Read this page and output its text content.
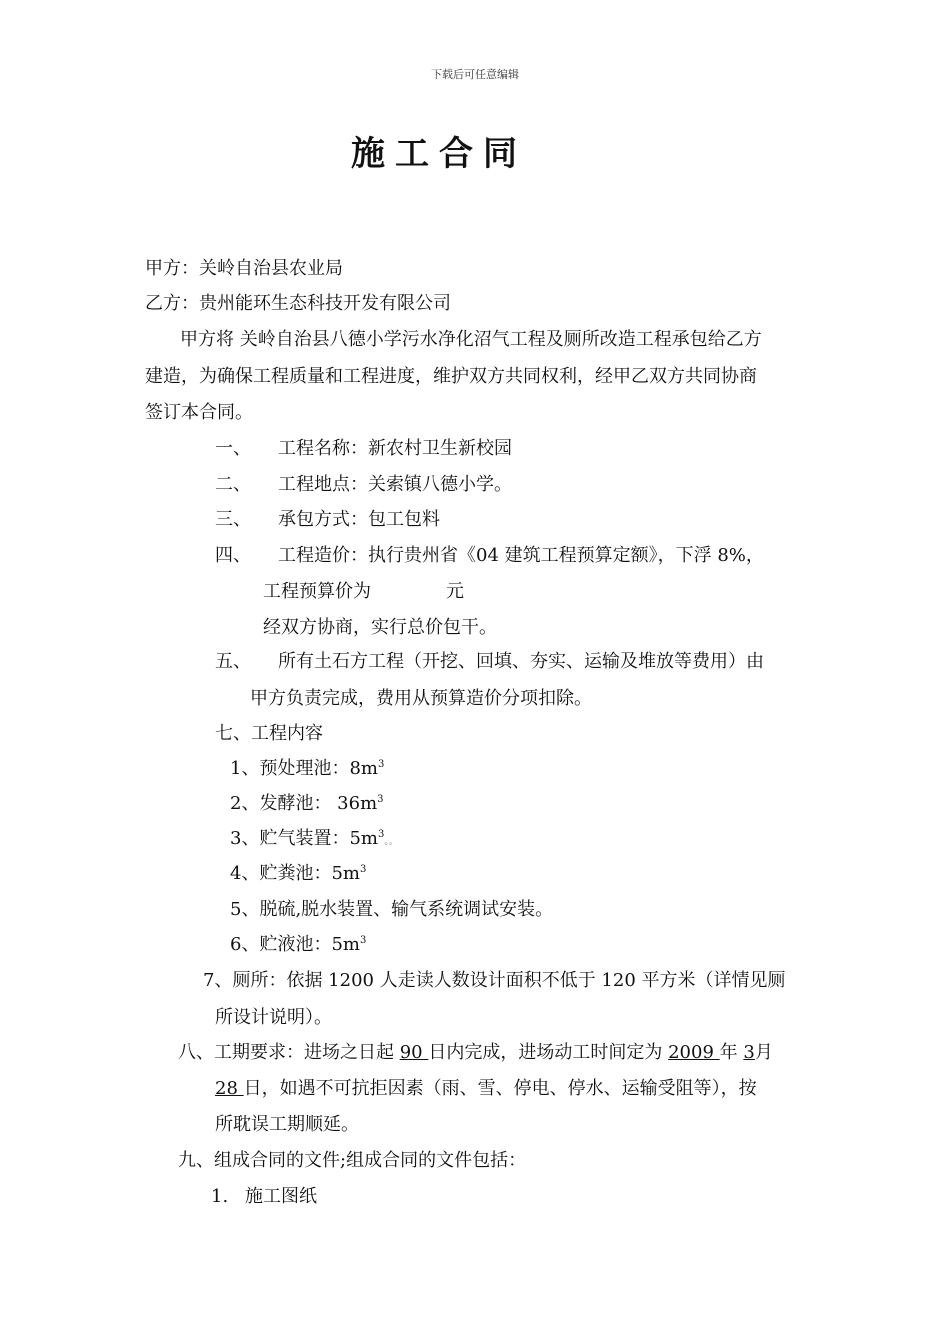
下载后可任意编辑
施工合同
甲方：关岭自治县农业局
乙方：贵州能环生态科技开发有限公司
甲方将 关岭自治县八德小学污水净化沼气工程及厕所改造工程承包给乙方
建造，为确保工程质量和工程进度，维护双方共同权利，经甲乙双方共同协商
签订本合同。
一、 工程名称：新农村卫生新校园
二、 工程地点：关索镇八德小学。
三、 承包方式：包工包料
四、 工程造价：执行贵州省《04 建筑工程预算定额》，下浮 8%，
工程预算价为	元
经双方协商，实行总价包干。
五、 所有土石方工程（开挖、回填、夯实、运输及堆放等费用）由
甲方负责完成，费用从预算造价分项扣除。
七、工程内容
1、预处理池：$8m^3$
2、发酵池： $36m^3$
3、贮气装置：$5m^3$。。
4、贮粪池：$5m^3$
5、脱硫,脱水装置、输气系统调试安装。
6、贮液池：$5m^3$
7、厕所：依据 1200 人走读人数设计面积不低于 120 平方米（详情见厕
所设计说明）。
八、工期要求：进场之日起 90 日内完成，进场动工时间定为 2009 年 3月
28 日，如遇不可抗拒因素（雨、雪、停电、停水、运输受阻等），按
所耽误工期顺延。
九、组成合同的文件;组成合同的文件包括：
1. 施工图纸
